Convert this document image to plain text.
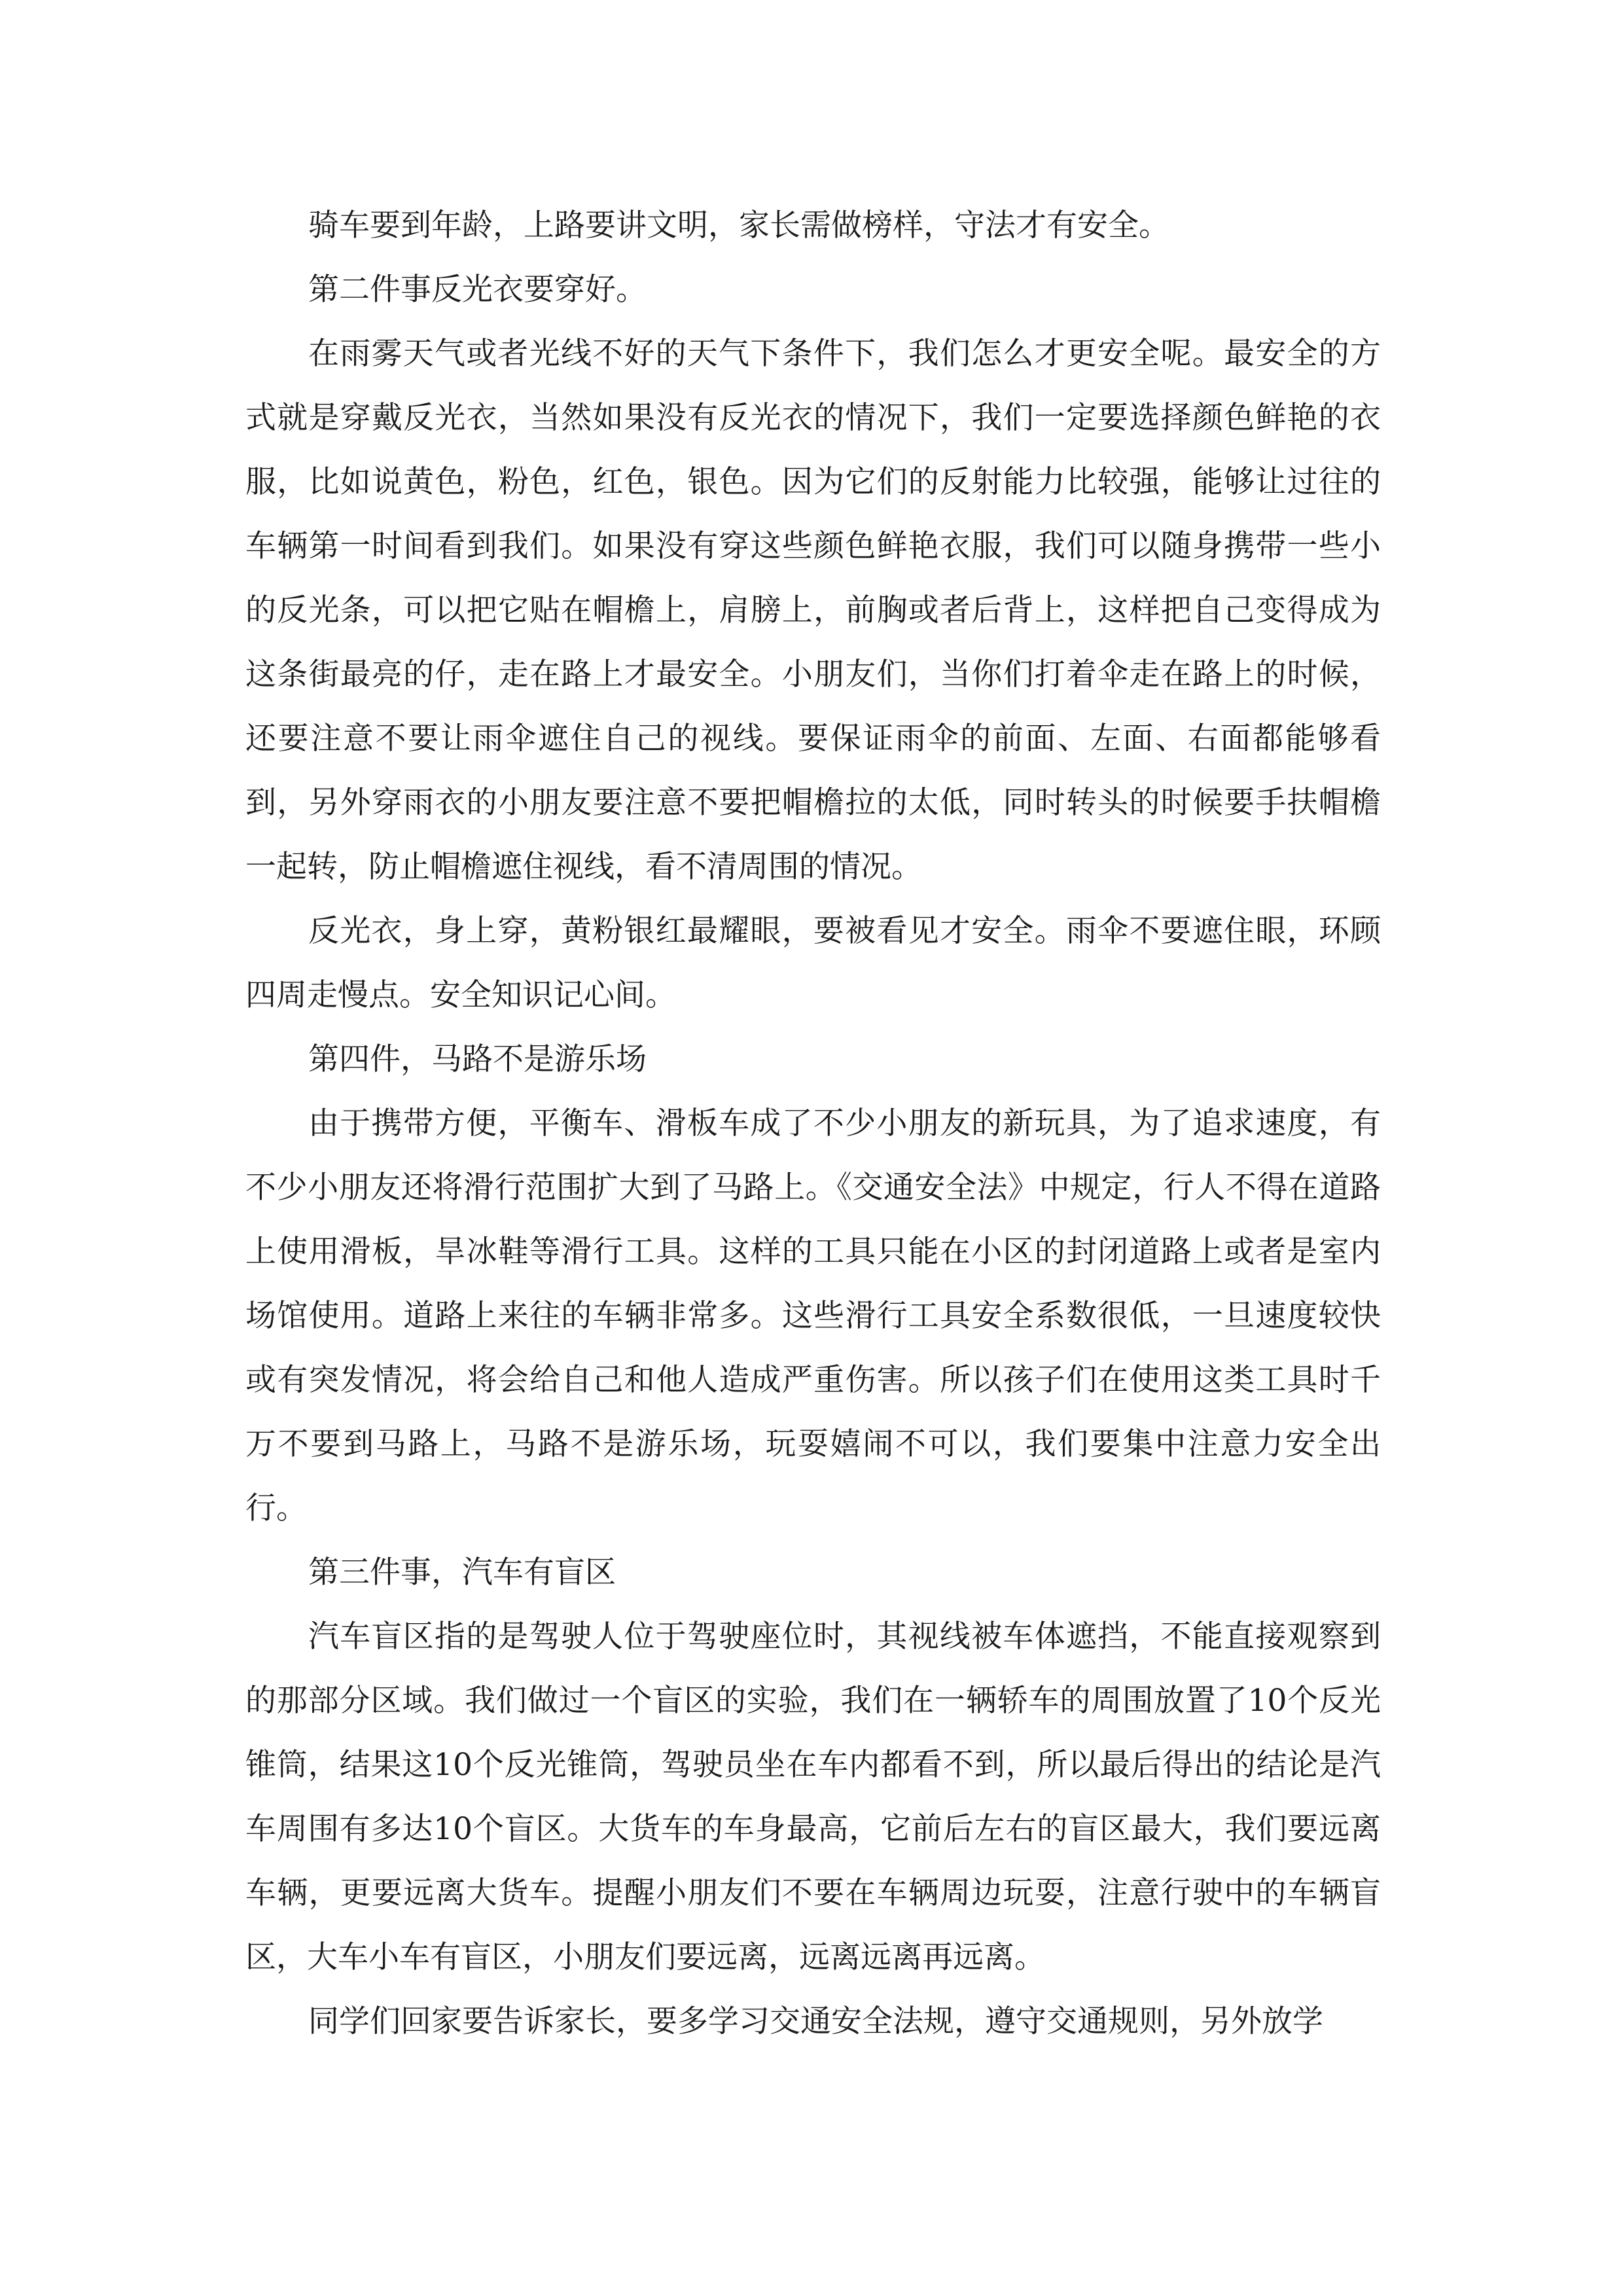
骑车要到年龄，上路要讲文明，家长需做榜样，守法才有安全。

第二件事反光衣要穿好。

在雨雾天气或者光线不好的天气下条件下，我们怎么才更安全呢。最安全的方式就是穿戴反光衣，当然如果没有反光衣的情况下，我们一定要选择颜色鲜艳的衣服，比如说黄色，粉色，红色，银色。因为它们的反射能力比较强，能够让过往的车辆第一时间看到我们。如果没有穿这些颜色鲜艳衣服，我们可以随身携带一些小的反光条，可以把它贴在帽檐上，肩膀上，前胸或者后背上，这样把自己变得成为这条街最亮的仔，走在路上才最安全。小朋友们，当你们打着伞走在路上的时候，还要注意不要让雨伞遮住自己的视线。要保证雨伞的前面、左面、右面都能够看到，另外穿雨衣的小朋友要注意不要把帽檐拉的太低，同时转头的时候要手扶帽檐一起转，防止帽檐遮住视线，看不清周围的情况。

反光衣，身上穿，黄粉银红最耀眼，要被看见才安全。雨伞不要遮住眼，环顾四周走慢点。安全知识记心间。

第四件，马路不是游乐场

由于携带方便，平衡车、滑板车成了不少小朋友的新玩具，为了追求速度，有不少小朋友还将滑行范围扩大到了马路上。《交通安全法》中规定，行人不得在道路上使用滑板，旱冰鞋等滑行工具。这样的工具只能在小区的封闭道路上或者是室内场馆使用。道路上来往的车辆非常多。这些滑行工具安全系数很低，一旦速度较快或有突发情况，将会给自己和他人造成严重伤害。所以孩子们在使用这类工具时千万不要到马路上，马路不是游乐场，玩耍嬉闹不可以，我们要集中注意力安全出行。

第三件事，汽车有盲区

汽车盲区指的是驾驶人位于驾驶座位时，其视线被车体遮挡，不能直接观察到的那部分区域。我们做过一个盲区的实验，我们在一辆轿车的周围放置了10个反光锥筒，结果这10个反光锥筒，驾驶员坐在车内都看不到，所以最后得出的结论是汽车周围有多达10个盲区。大货车的车身最高，它前后左右的盲区最大，我们要远离车辆，更要远离大货车。提醒小朋友们不要在车辆周边玩耍，注意行驶中的车辆盲区，大车小车有盲区，小朋友们要远离，远离远离再远离。

同学们回家要告诉家长，要多学习交通安全法规，遵守交通规则，另外放学
